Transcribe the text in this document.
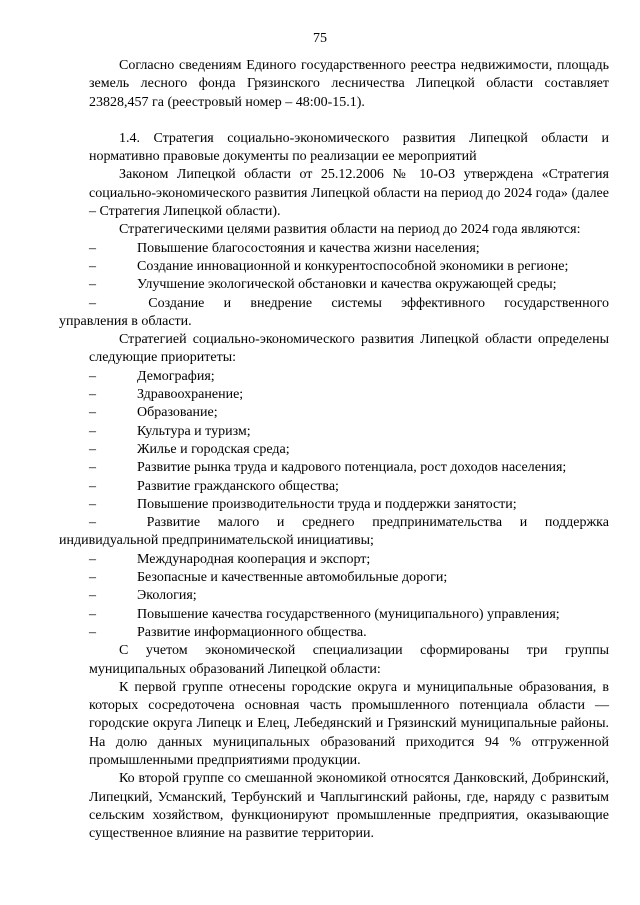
75

Согласно сведениям Единого государственного реестра недвижимости, площадь земель лесного фонда Грязинского лесничества Липецкой области составляет 23828,457 га (реестровый номер – 48:00-15.1).

1.4. Стратегия социально-экономического развития Липецкой области и нормативно правовые документы по реализации ее мероприятий

Законом Липецкой области от 25.12.2006 № 10-ОЗ утверждена «Стратегия социально-экономического развития Липецкой области на период до 2024 года» (далее – Стратегия Липецкой области).

Стратегическими целями развития области на период до 2024 года являются:

–	Повышение благосостояния и качества жизни населения;

–	Создание инновационной и конкурентоспособной экономики в регионе;

–	Улучшение экологической обстановки и качества окружающей среды;

–	Создание и внедрение системы эффективного государственного
управления в области.

Стратегией социально-экономического развития Липецкой области определены следующие приоритеты:

–	Демография;

–	Здравоохранение;

–	Образование;

–	Культура и туризм;

–	Жилье и городская среда;

–	Развитие рынка труда и кадрового потенциала, рост доходов населения;

–	Развитие гражданского общества;

–	Повышение производительности труда и поддержки занятости;

–	Развитие малого и среднего предпринимательства и поддержка
индивидуальной предпринимательской инициативы;

–	Международная кооперация и экспорт;

–	Безопасные и качественные автомобильные дороги;

–	Экология;

–	Повышение качества государственного (муниципального) управления;

–	Развитие информационного общества.

С учетом экономической специализации сформированы три группы муниципальных образований Липецкой области:

К первой группе отнесены городские округа и муниципальные образования, в которых сосредоточена основная часть промышленного потенциала области — городские округа Липецк и Елец, Лебедянский и Грязинский муниципальные районы. На долю данных муниципальных образований приходится 94 % отгруженной промышленными предприятиями продукции.

Ко второй группе со смешанной экономикой относятся Данковский, Добринский, Липецкий, Усманский, Тербунский и Чаплыгинский районы, где, наряду с развитым сельским хозяйством, функционируют промышленные предприятия, оказывающие существенное влияние на развитие территории.
